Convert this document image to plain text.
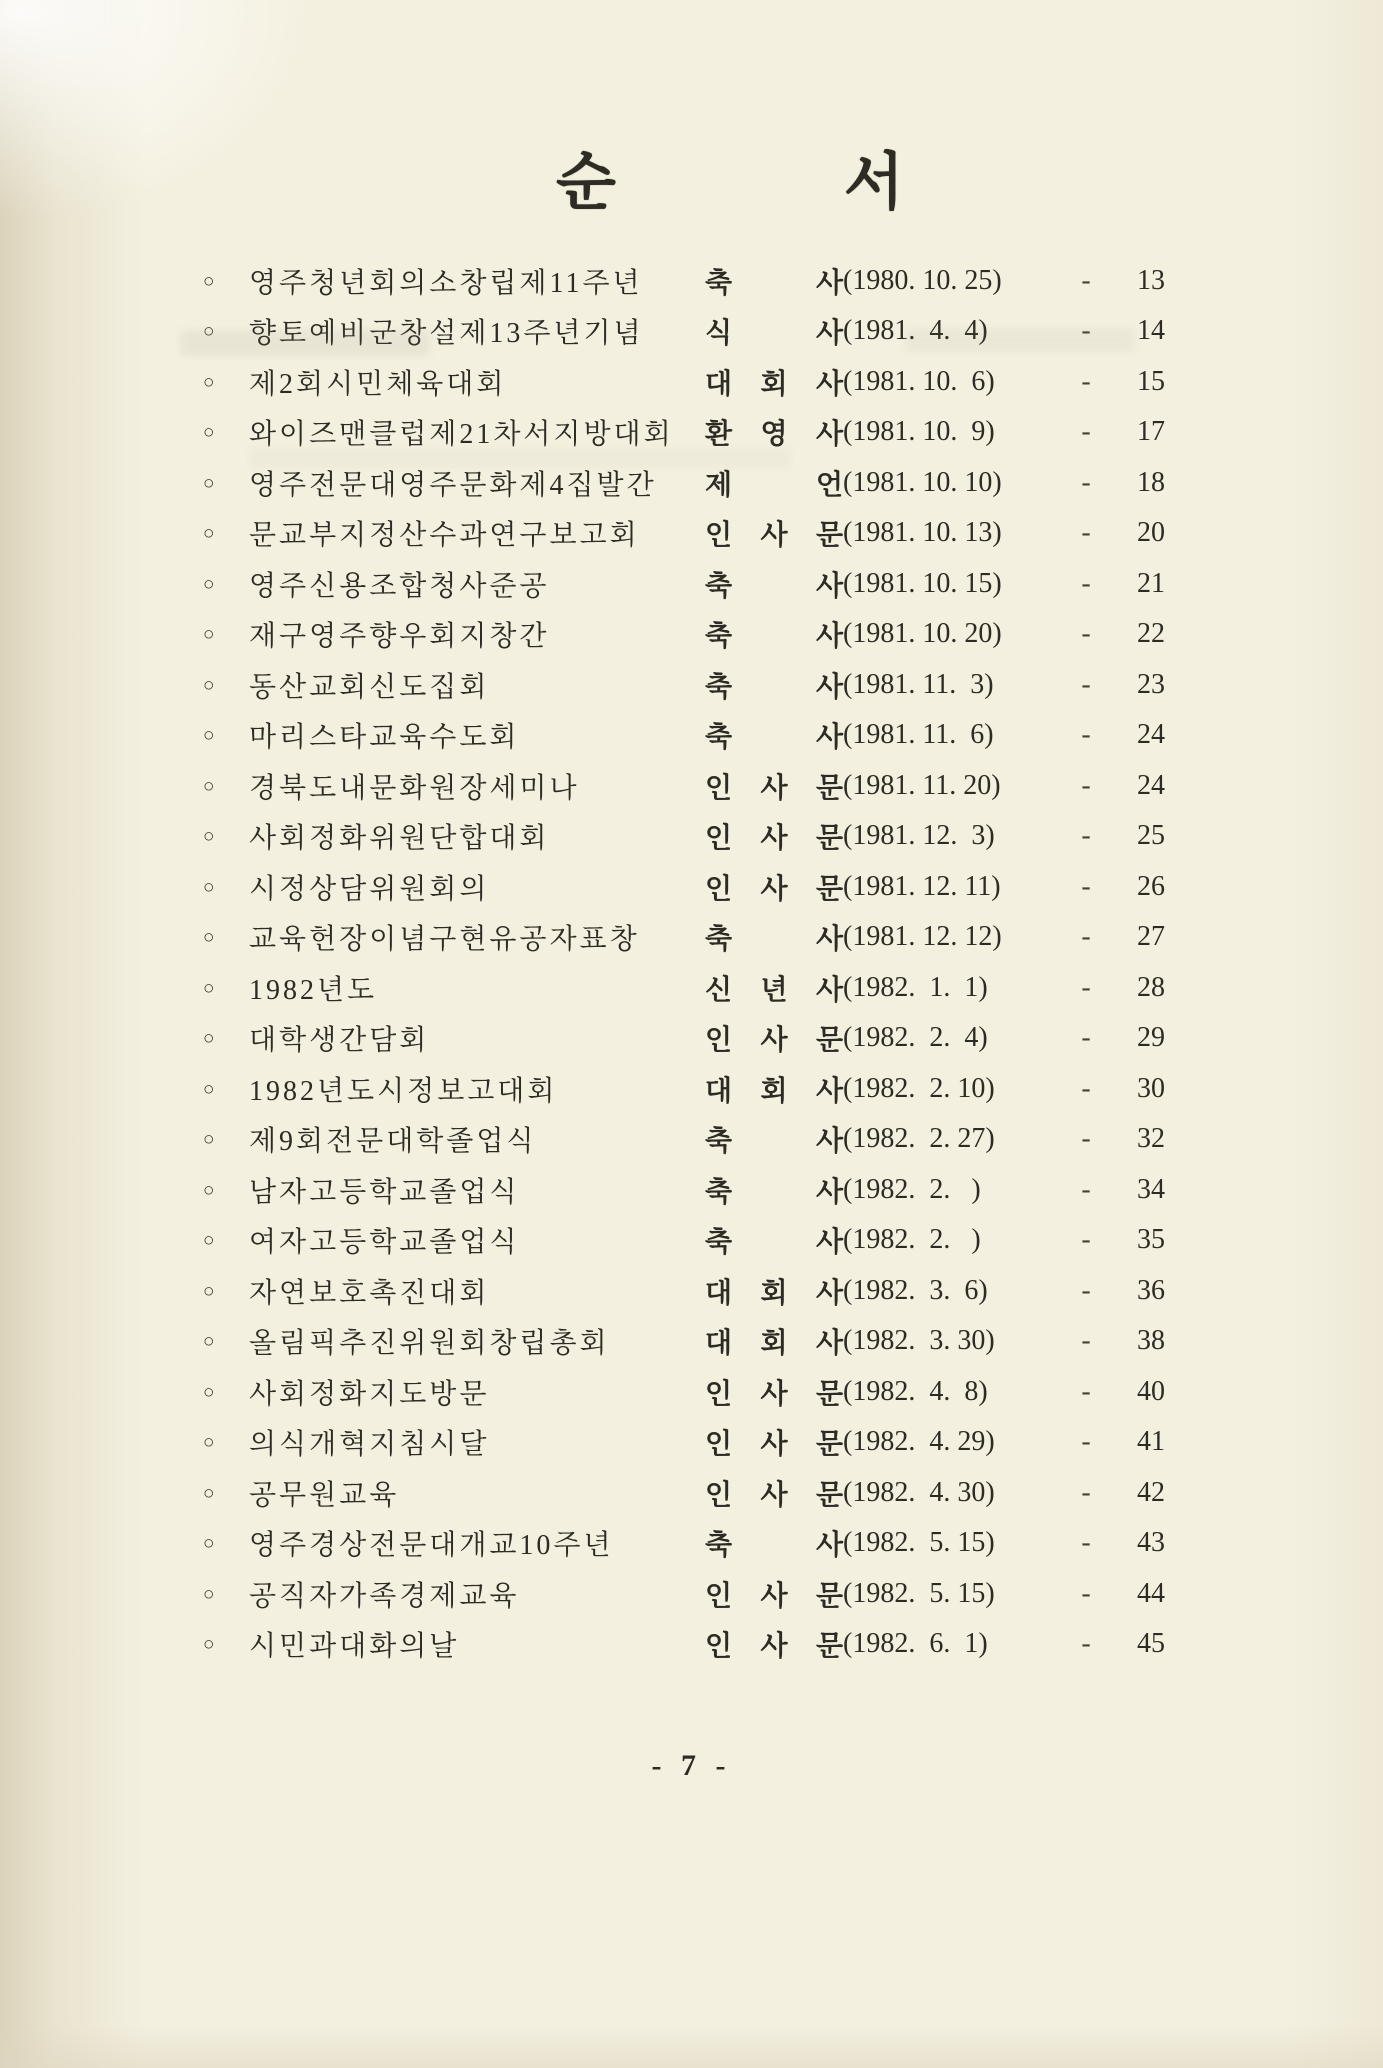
순	서
○	영주청년회의소창립제11주년	축 사 (1980. 10. 25)	-	13
○	향토예비군창설제13주년기념	식 사 (1981.  4.  4)	-	14
○	제2회시민체육대회	대 회 사 (1981. 10.  6)	-	15
○	와이즈맨클럽제21차서지방대회	환 영 사 (1981. 10.  9)	-	17
○	영주전문대영주문화제4집발간	제 언 (1981. 10. 10)	-	18
○	문교부지정산수과연구보고회	인 사 문 (1981. 10. 13)	-	20
○	영주신용조합청사준공	축 사 (1981. 10. 15)	-	21
○	재구영주향우회지창간	축 사 (1981. 10. 20)	-	22
○	동산교회신도집회	축 사 (1981. 11.  3)	-	23
○	마리스타교육수도회	축 사 (1981. 11.  6)	-	24
○	경북도내문화원장세미나	인 사 문 (1981. 11. 20)	-	24
○	사회정화위원단합대회	인 사 문 (1981. 12.  3)	-	25
○	시정상담위원회의	인 사 문 (1981. 12. 11)	-	26
○	교육헌장이념구현유공자표창	축 사 (1981. 12. 12)	-	27
○	1982년도	신 년 사 (1982.  1.  1)	-	28
○	대학생간담회	인 사 문 (1982.  2.  4)	-	29
○	1982년도시정보고대회	대 회 사 (1982.  2. 10)	-	30
○	제9회전문대학졸업식	축 사 (1982.  2. 27)	-	32
○	남자고등학교졸업식	축 사 (1982.  2.   )	-	34
○	여자고등학교졸업식	축 사 (1982.  2.   )	-	35
○	자연보호촉진대회	대 회 사 (1982.  3.  6)	-	36
○	올림픽추진위원회창립총회	대 회 사 (1982.  3. 30)	-	38
○	사회정화지도방문	인 사 문 (1982.  4.  8)	-	40
○	의식개혁지침시달	인 사 문 (1982.  4. 29)	-	41
○	공무원교육	인 사 문 (1982.  4. 30)	-	42
○	영주경상전문대개교10주년	축 사 (1982.  5. 15)	-	43
○	공직자가족경제교육	인 사 문 (1982.  5. 15)	-	44
○	시민과대화의날	인 사 문 (1982.  6.  1)	-	45
- 7 -
